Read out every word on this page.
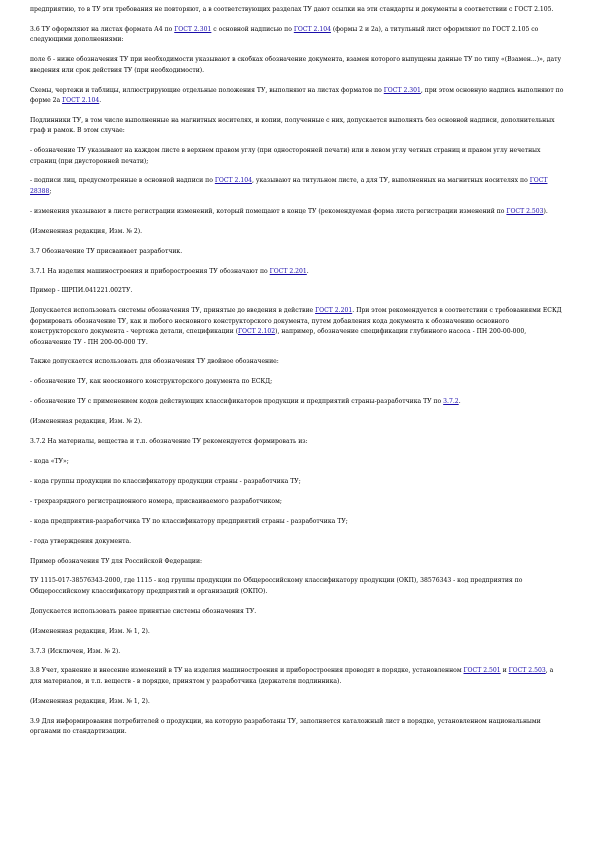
предприятию, то в ТУ эти требования не повторяют, а в соответствующих разделах ТУ дают ссылки на эти стандарты и документы в соответствии с ГОСТ 2.105.
3.6 ТУ оформляют на листах формата А4 по ГОСТ 2.301 с основной надписью по ГОСТ 2.104 (формы 2 и 2а), а титульный лист оформляют по ГОСТ 2.105 со следующими дополнениями:
поле 6 - ниже обозначения ТУ при необходимости указывают в скобках обозначение документа, взамен которого выпущены данные ТУ по типу «(Взамен...)», дату введения или срок действия ТУ (при необходимости).
Схемы, чертежи и таблицы, иллюстрирующие отдельные положения ТУ, выполняют на листах форматов по ГОСТ 2.301, при этом основную надпись выполняют по форме 2а ГОСТ 2.104.
Подлинники ТУ, в том числе выполненные на магнитных носителях, и копии, полученные с них, допускается выполнять без основной надписи, дополнительных граф и рамок. В этом случае:
- обозначение ТУ указывают на каждом листе в верхнем правом углу (при односторонней печати) или в левом углу четных страниц и правом углу нечетных страниц (при двусторонней печати);
- подписи лиц, предусмотренные в основной надписи по ГОСТ 2.104, указывают на титульном листе, а для ТУ, выполненных на магнитных носителях по ГОСТ 28388;
- изменения указывают в листе регистрации изменений, который помещают в конце ТУ (рекомендуемая форма листа регистрации изменений по ГОСТ 2.503).
(Измененная редакция, Изм. № 2).
3.7 Обозначение ТУ присваивает разработчик.
3.7.1 На изделия машиностроения и приборостроения ТУ обозначают по ГОСТ 2.201.
Пример - ШРПИ.041221.002ТУ.
Допускается использовать системы обозначения ТУ, принятые до введения в действие ГОСТ 2.201. При этом рекомендуется в соответствии с требованиями ЕСКД формировать обозначение ТУ, как и любого несновного конструкторского документа, путем добавления кода документа к обозначению основного конструкторского документа - чертежа детали, спецификации (ГОСТ 2.102), например, обозначение спецификации глубинного насоса - ПН 200-00-000, обозначение ТУ - ПН 200-00-000 ТУ.
Также допускается использовать для обозначения ТУ двойное обозначение:
- обозначение ТУ, как неосновного конструкторского документа по ЕСКД;
- обозначение ТУ с применением кодов действующих классификаторов продукции и предприятий страны-разработчика ТУ по 3.7.2.
(Измененная редакция, Изм. № 2).
3.7.2 На материалы, вещества и т.п. обозначение ТУ рекомендуется формировать из:
- кода «ТУ»;
- кода группы продукции по классификатору продукции страны - разработчика ТУ;
- трехразрядного регистрационного номера, присваиваемого разработчиком;
- кода предприятия-разработчика ТУ по классификатору предприятий страны - разработчика ТУ;
- года утверждения документа.
Пример обозначения ТУ для Российской Федерации:
ТУ 1115-017-38576343-2000, где 1115 - код группы продукции по Общероссийскому классификатору продукции (ОКП), 38576343 - код предприятия по Общероссийскому классификатору предприятий и организаций (ОКПО).
Допускается использовать ранее принятые системы обозначения ТУ.
(Измененная редакция, Изм. № 1, 2).
3.7.3 (Исключен, Изм. № 2).
3.8 Учет, хранение и внесение изменений в ТУ на изделия машиностроения и приборостроения проводят в порядке, установленном ГОСТ 2.501 и ГОСТ 2.503, а для материалов, и т.п. веществ - в порядке, принятом у разработчика (держателя подлинника).
(Измененная редакция, Изм. № 1, 2).
3.9 Для информирования потребителей о продукции, на которую разработаны ТУ, заполняется каталожный лист в порядке, установленном национальными органами по стандартизации.
